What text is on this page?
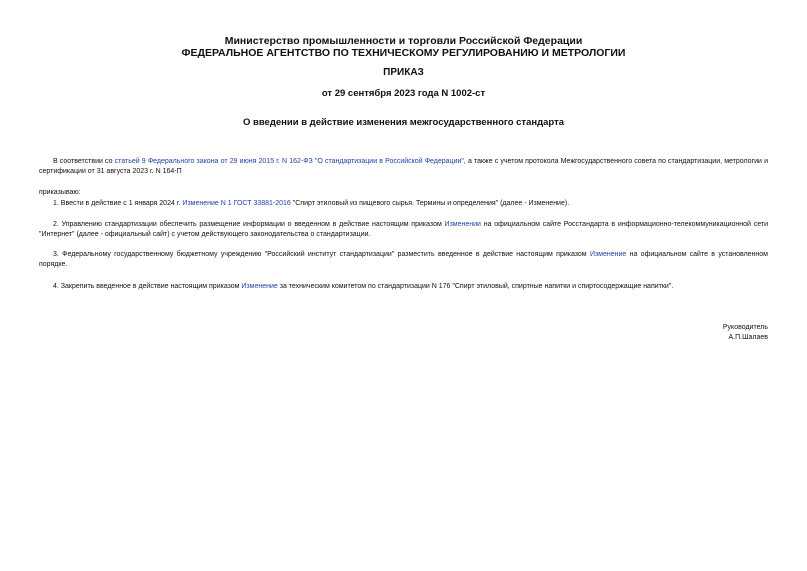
Министерство промышленности и торговли Российской Федерации
ФЕДЕРАЛЬНОЕ АГЕНТСТВО ПО ТЕХНИЧЕСКОМУ РЕГУЛИРОВАНИЮ И МЕТРОЛОГИИ
ПРИКАЗ
от 29 сентября 2023 года N 1002-ст
О введении в действие изменения межгосударственного стандарта
В соответствии со статьей 9 Федерального закона от 29 июня 2015 г. N 162-ФЗ "О стандартизации в Российской Федерации", а также с учетом протокола Межгосударственного совета по стандартизации, метрологии и сертификации от 31 августа 2023 г. N 164-П
приказываю:
1. Ввести в действие с 1 января 2024 г. Изменение N 1 ГОСТ 33881-2016 "Спирт этиловый из пищевого сырья. Термины и определения" (далее - Изменение).
2. Управлению стандартизации обеспечить размещение информации о введенном в действие настоящим приказом Изменении на официальном сайте Росстандарта в информационно-телекоммуникационной сети "Интернет" (далее - официальный сайт) с учетом действующего законодательства о стандартизации.
3. Федеральному государственному бюджетному учреждению "Российский институт стандартизации" разместить введенное в действие настоящим приказом Изменение на официальном сайте в установленном порядке.
4. Закрепить введенное в действие настоящим приказом Изменение за техническим комитетом по стандартизации N 176 "Спирт этиловый, спиртные напитки и спиртосодержащие напитки".
Руководитель
А.П.Шалаев
